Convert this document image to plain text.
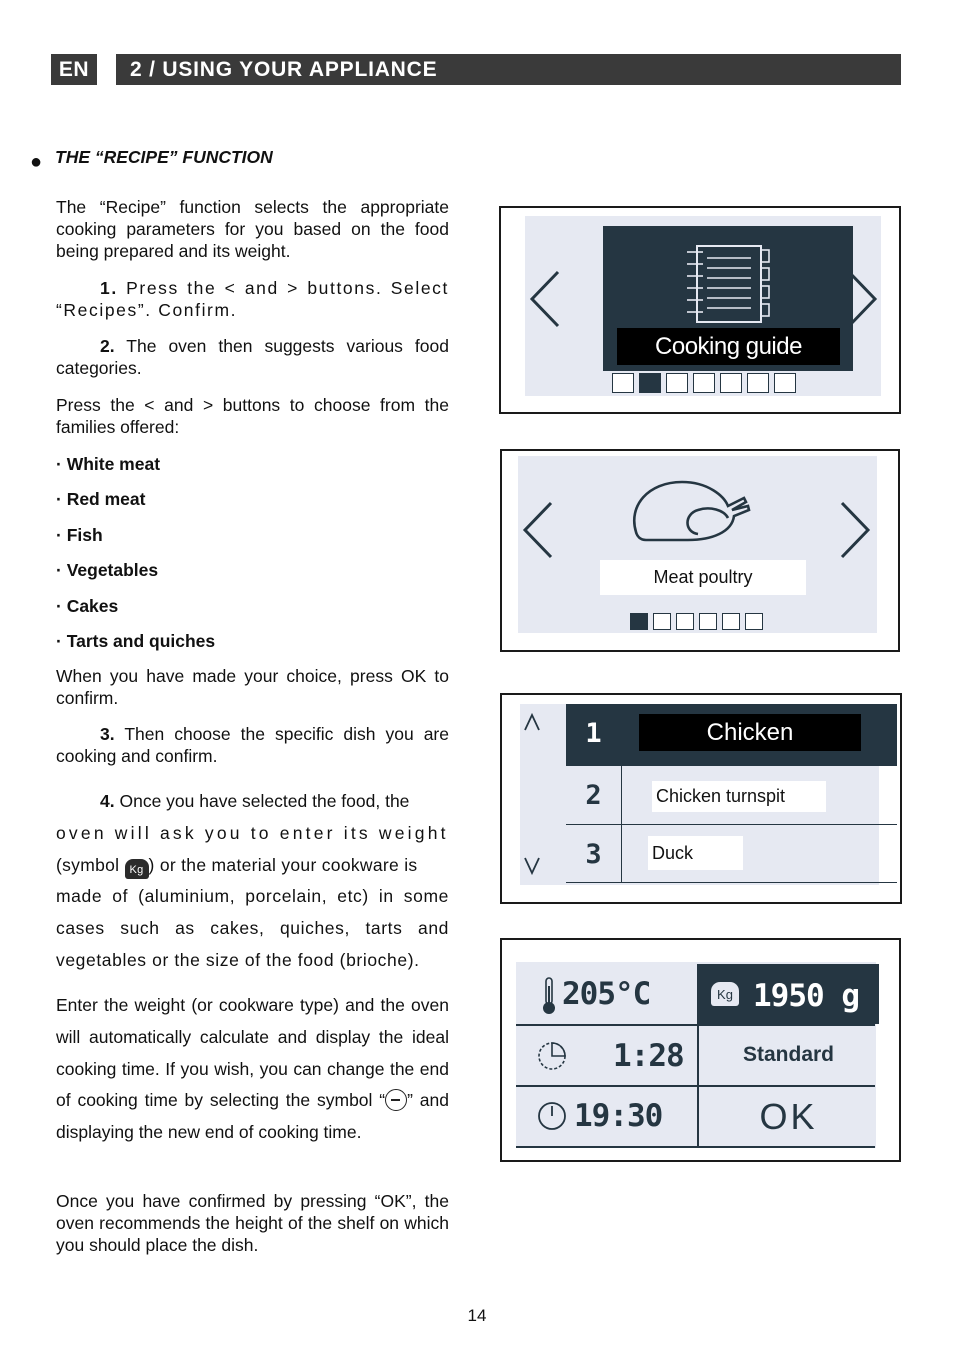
EN	2 / USING YOUR APPLIANCE
● THE “RECIPE” FUNCTION

The “Recipe” function selects the appropriate cooking parameters for you based on the food being prepared and its weight.

1. Press the < and > buttons. Select “Recipes”. Confirm.

2. The oven then suggests various food categories.

Press the < and > buttons to choose from the families offered:

· White meat
· Red meat
· Fish
· Vegetables
· Cakes
· Tarts and quiches

When you have made your choice, press OK to confirm.

3. Then choose the specific dish you are cooking and confirm.

4. Once you have selected the food, the
oven will ask you to enter its weight
(symbol Kg ) or the material your cookware is
made of (aluminium, porcelain, etc) in some cases such as cakes, quiches, tarts and vegetables or the size of the food (brioche).

Enter the weight (or cookware type) and the oven will automatically calculate and display the ideal cooking time. If you wish, you can change the end of cooking time by selecting the symbol “ ” and displaying the new end of cooking time.

Once you have confirmed by pressing “OK”, the oven recommends the height of the shelf on which you should place the dish.

14
Cooking guide
Meat poultry
1	Chicken
2	Chicken turnspit
3	Duck
205°C	Kg 1950 g
1:28	Standard
19:30	OK
